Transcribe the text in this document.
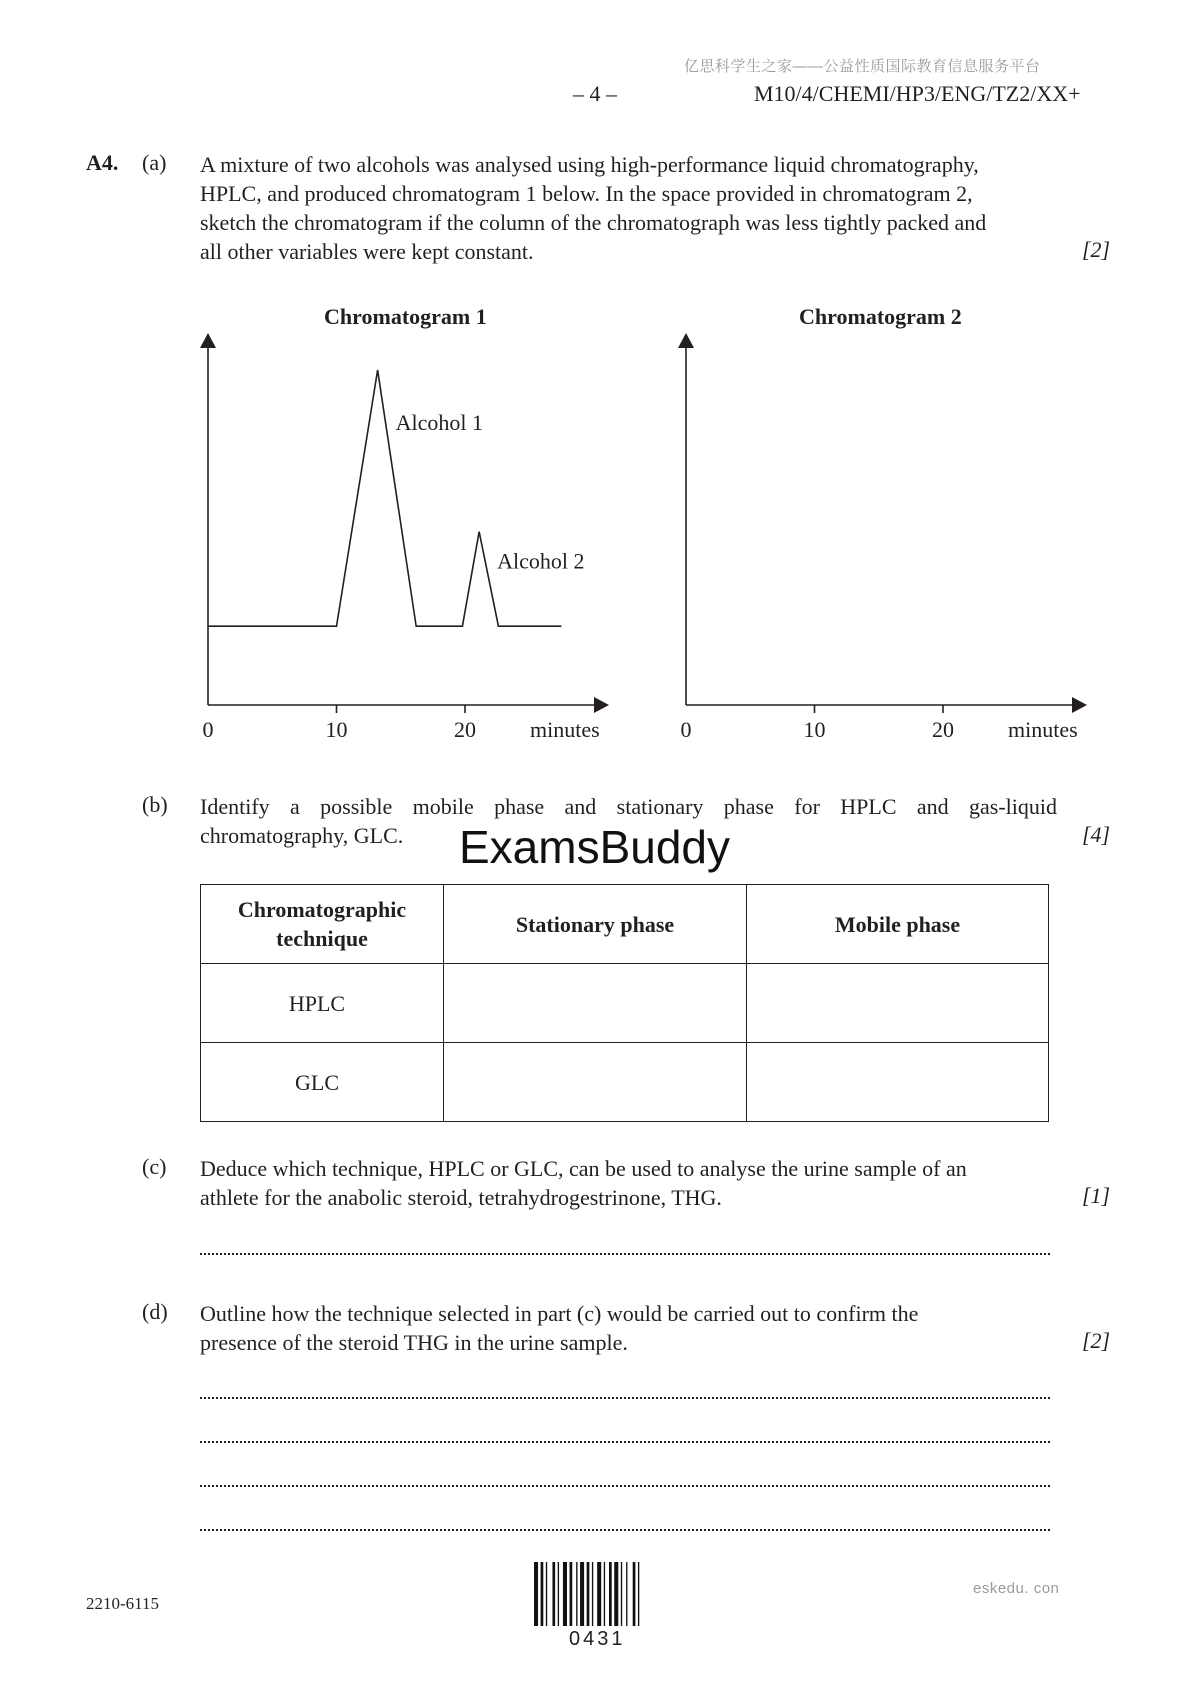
亿思科学生之家——公益性质国际教育信息服务平台
– 4 –	M10/4/CHEMI/HP3/ENG/TZ2/XX+
A4. (a) A mixture of two alcohols was analysed using high-performance liquid chromatography,
HPLC, and produced chromatogram 1 below. In the space provided in chromatogram 2,
sketch the chromatogram if the column of the chromatograph was less tightly packed and
all other variables were kept constant.	[2]
Chromatogram 1
0	10	20
Alcohol 1
Alcohol 2
minutes
Chromatogram 2
0	10	20 minutes
(b) Identify a possible mobile phase and stationary phase for HPLC and gas-liquid
chromatography, GLC.	[4]
ExamsBuddy
Chromatographic
technique	Stationary phase	Mobile phase
HPLC		
GLC		
(c) Deduce which technique, HPLC or GLC, can be used to analyse the urine sample of an
athlete for the anabolic steroid, tetrahydrogestrinone, THG.	[1]
(d) Outline how the technique selected in part (c) would be carried out to confirm the
presence of the steroid THG in the urine sample.	[2]
2210-6115
0431
eskedu. con
